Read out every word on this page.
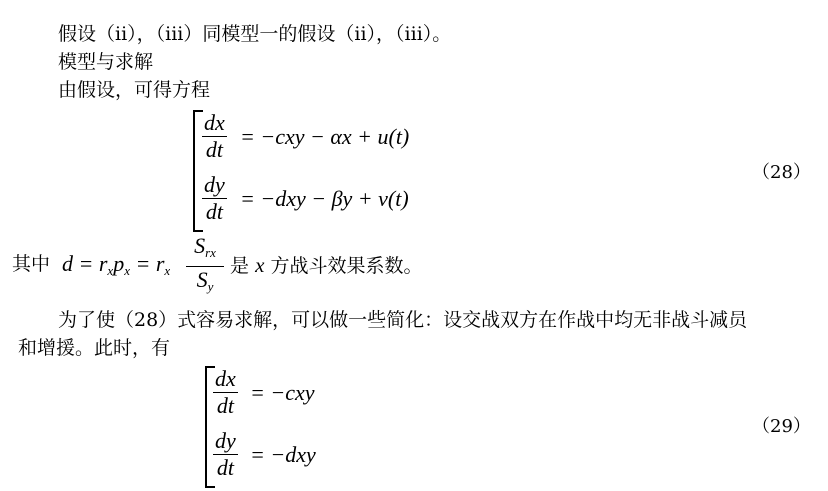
假设（ii），（iii）同模型一的假设（ii），（iii）。
模型与求解
由假设，可得方程
dx
dt
= −cxy − αx + u(t)
dy
dt
= −dxy − βy + v(t)
（28）
其中 $d = r_xp_x = r_x$
$S_{rx}$
$S_y$
是 x 方战斗效果系数。
为了使（28）式容易求解，可以做一些简化：设交战双方在作战中均无非战斗减员
和增援。此时，有
dx
dt
= −cxy
dy
dt
= −dxy
（29）
